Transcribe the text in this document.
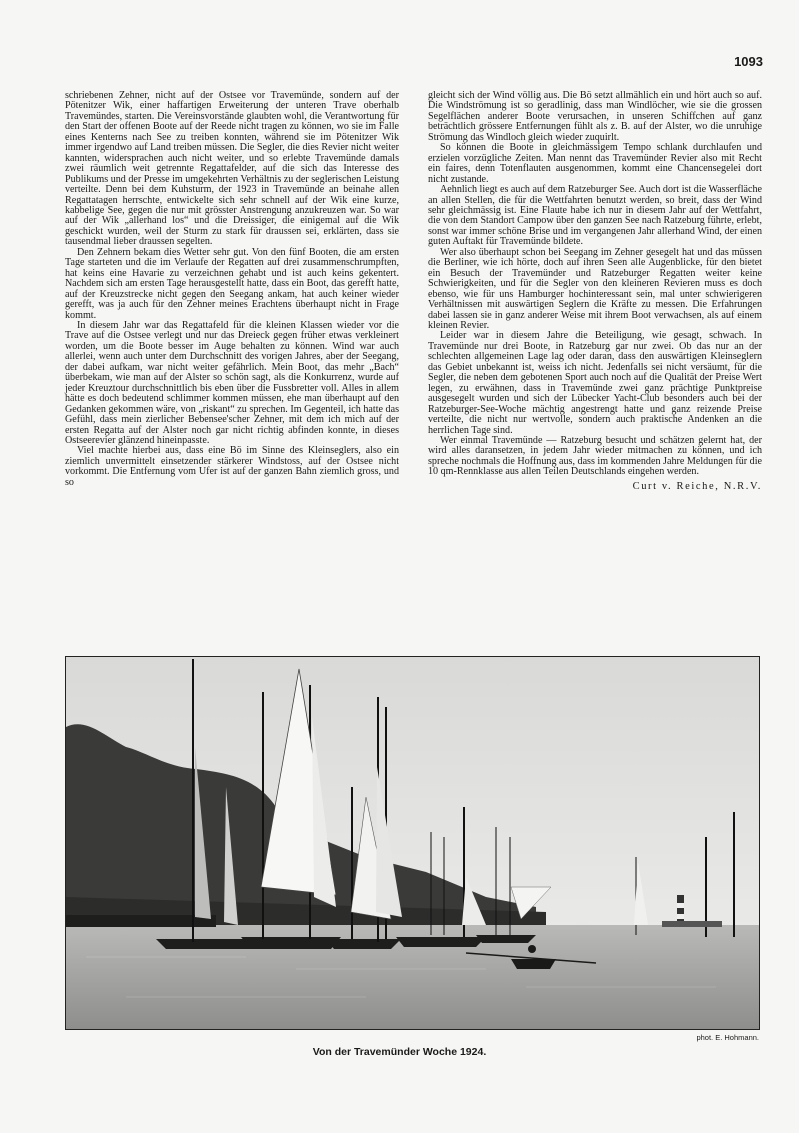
1093

schriebenen Zehner, nicht auf der Ostsee vor Travemünde, sondern auf der Pötenitzer Wik, einer haffartigen Erweiterung der unteren Trave oberhalb Travemündes, starten. Die Vereinsvorstände glaubten wohl, die Verantwortung für den Start der offenen Boote auf der Reede nicht tragen zu können, wo sie im Falle eines Kenterns nach See zu treiben konnten, während sie im Pötenitzer Wik immer irgendwo auf Land treiben müssen. Die Segler, die dies Revier nicht weiter kannten, widersprachen auch nicht weiter, und so erlebte Travemünde damals zwei räumlich weit getrennte Regattafelder, auf die sich das Interesse des Publikums und der Presse im umgekehrten Verhältnis zu der seglerischen Leistung verteilte. Denn bei dem Kuhsturm, der 1923 in Travemünde an beinahe allen Regattatagen herrschte, entwickelte sich sehr schnell auf der Wik eine kurze, kabbelige See, gegen die nur mit grösster Anstrengung anzukreuzen war. So war auf der Wik „allerhand los“ und die Dreissiger, die einigemal auf die Wik geschickt wurden, weil der Sturm zu stark für draussen sei, erklärten, dass sie tausendmal lieber draussen segelten.

Den Zehnern bekam dies Wetter sehr gut. Von den fünf Booten, die am ersten Tage starteten und die im Verlaufe der Regatten auf drei zusammenschrumpften, hat keins eine Havarie zu verzeichnen gehabt und ist auch keins gekentert. Nachdem sich am ersten Tage herausgestellt hatte, dass ein Boot, das gerefft hatte, auf der Kreuzstrecke nicht gegen den Seegang ankam, hat auch keiner wieder gerefft, was ja auch für den Zehner meines Erachtens überhaupt nicht in Frage kommt.

In diesem Jahr war das Regattafeld für die kleinen Klassen wieder vor die Trave auf die Ostsee verlegt und nur das Dreieck gegen früher etwas verkleinert worden, um die Boote besser im Auge behalten zu können. Wind war auch allerlei, wenn auch unter dem Durchschnitt des vorigen Jahres, aber der Seegang, der dabei aufkam, war nicht weiter gefährlich. Mein Boot, das mehr „Bach“ überbekam, wie man auf der Alster so schön sagt, als die Konkurrenz, wurde auf jeder Kreuztour durchschnittlich bis eben über die Fussbretter voll. Alles in allem hätte es doch bedeutend schlimmer kommen müssen, ehe man überhaupt auf den Gedanken gekommen wäre, von „riskant“ zu sprechen. Im Gegenteil, ich hatte das Gefühl, dass mein zierlicher Bebensee'scher Zehner, mit dem ich mich auf der ersten Regatta auf der Alster noch gar nicht richtig abfinden konnte, in dieses Ostseerevier glänzend hineinpasste.

Viel machte hierbei aus, dass eine Bö im Sinne des Kleinseglers, also ein ziemlich unvermittelt einsetzender stärkerer Windstoss, auf der Ostsee nicht vorkommt. Die Entfernung vom Ufer ist auf der ganzen Bahn ziemlich gross, und so

gleicht sich der Wind völlig aus. Die Bö setzt allmählich ein und hört auch so auf. Die Windströmung ist so geradlinig, dass man Windlöcher, wie sie die grossen Segelflächen anderer Boote verursachen, in unseren Schiffchen auf ganz beträchtlich grössere Entfernungen fühlt als z. B. auf der Alster, wo die unruhige Strömung das Windloch gleich wieder zuquirlt.

So können die Boote in gleichmässigem Tempo schlank durchlaufen und erzielen vorzügliche Zeiten. Man nennt das Travemünder Revier also mit Recht ein faires, denn Totenflauten ausgenommen, kommt eine Chancensegelei dort nicht zustande.

Aehnlich liegt es auch auf dem Ratzeburger See. Auch dort ist die Wasserfläche an allen Stellen, die für die Wettfahrten benutzt werden, so breit, dass der Wind sehr gleichmässig ist. Eine Flaute habe ich nur in diesem Jahr auf der Wettfahrt, die von dem Standort Campow über den ganzen See nach Ratzeburg führte, erlebt, sonst war immer schöne Brise und im vergangenen Jahr allerhand Wind, der einen guten Auftakt für Travemünde bildete.

Wer also überhaupt schon bei Seegang im Zehner gesegelt hat und das müssen die Berliner, wie ich hörte, doch auf ihren Seen alle Augenblicke, für den bietet ein Besuch der Travemünder und Ratzeburger Regatten weiter keine Schwierigkeiten, und für die Segler von den kleineren Revieren muss es doch ebenso, wie für uns Hamburger hochinteressant sein, mal unter schwierigeren Verhältnissen mit auswärtigen Seglern die Kräfte zu messen. Die Erfahrungen dabei lassen sie in ganz anderer Weise mit ihrem Boot verwachsen, als auf einem kleinen Revier.

Leider war in diesem Jahre die Beteiligung, wie gesagt, schwach. In Travemünde nur drei Boote, in Ratzeburg gar nur zwei. Ob das nur an der schlechten allgemeinen Lage lag oder daran, dass den auswärtigen Kleinseglern das Gebiet unbekannt ist, weiss ich nicht. Jedenfalls sei nicht versäumt, für die Segler, die neben dem gebotenen Sport auch noch auf die Qualität der Preise Wert legen, zu erwähnen, dass in Travemünde zwei ganz prächtige Punktpreise ausgesegelt wurden und sich der Lübecker Yacht-Club besonders auch bei der Ratzeburger-See-Woche mächtig angestrengt hatte und ganz reizende Preise verteilte, die nicht nur wertvolle, sondern auch praktische Andenken an die herrlichen Tage sind.

Wer einmal Travemünde — Ratzeburg besucht und schätzen gelernt hat, der wird alles daransetzen, in jedem Jahr wieder mitmachen zu können, und ich spreche nochmals die Hoffnung aus, dass im kommenden Jahre Meldungen für die 10 qm-Rennklasse aus allen Teilen Deutschlands eingehen werden.

Curt v. Reiche, N.R.V.
phot. E. Hohmann.
Von der Travemünder Woche 1924.
